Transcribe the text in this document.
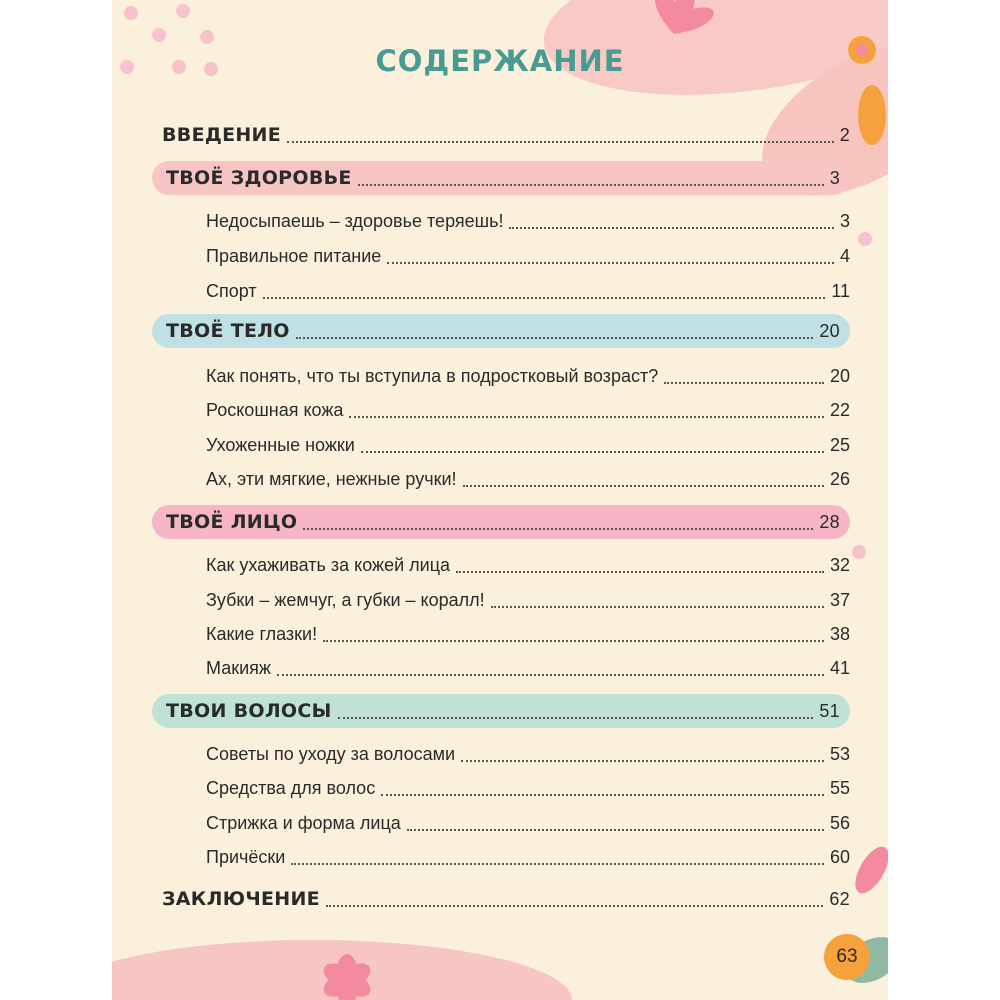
СОДЕРЖАНИЕ
ВВЕДЕНИЕ	2
ТВОЁ ЗДОРОВЬЕ	3
Недосыпаешь – здоровье теряешь!	3
Правильное питание	4
Спорт	11
ТВОЁ ТЕЛО	20
Как понять, что ты вступила в подростковый возраст?	20
Роскошная кожа	22
Ухоженные ножки	25
Ах, эти мягкие, нежные ручки!	26
ТВОЁ ЛИЦО	28
Как ухаживать за кожей лица	32
Зубки – жемчуг, а губки – коралл!	37
Какие глазки!	38
Макияж	41
ТВОИ ВОЛОСЫ	51
Советы по уходу за волосами	53
Средства для волос	55
Стрижка и форма лица	56
Причёски	60
ЗАКЛЮЧЕНИЕ	62
63
